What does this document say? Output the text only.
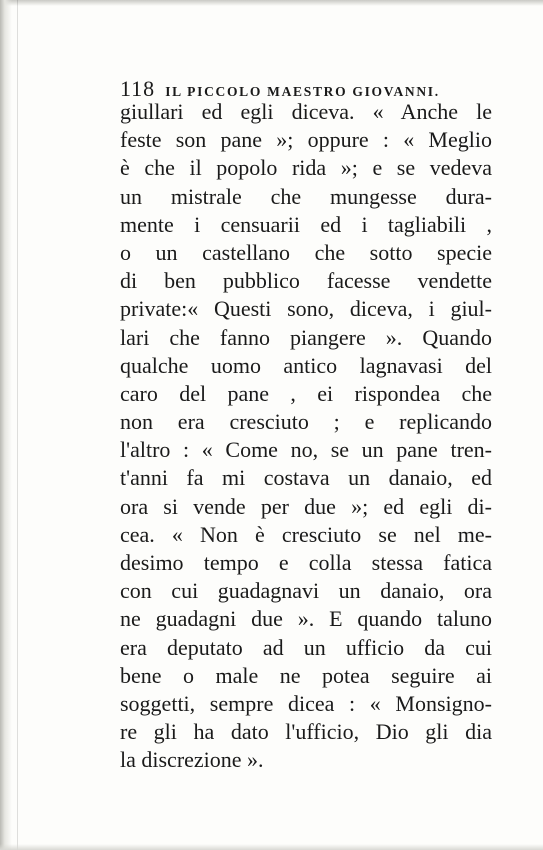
118 IL PICCOLO MAESTRO GIOVANNI.
giullari ed egli diceva. « Anche le
feste son pane »; oppure : « Meglio
è che il popolo rida »; e se vedeva
un mistrale che mungesse dura-
mente i censuarii ed i tagliabili ,
o un castellano che sotto specie
di ben pubblico facesse vendette
private:« Questi sono, diceva, i giul-
lari che fanno piangere ». Quando
qualche uomo antico lagnavasi del
caro del pane , ei rispondea che
non era cresciuto ; e replicando
l'altro : « Come no, se un pane tren-
t'anni fa mi costava un danaio, ed
ora si vende per due »; ed egli di-
cea. « Non è cresciuto se nel me-
desimo tempo e colla stessa fatica
con cui guadagnavi un danaio, ora
ne guadagni due ». E quando taluno
era deputato ad un ufficio da cui
bene o male ne potea seguire ai
soggetti, sempre dicea : « Monsigno-
re gli ha dato l'ufficio, Dio gli dia
la discrezione ».
